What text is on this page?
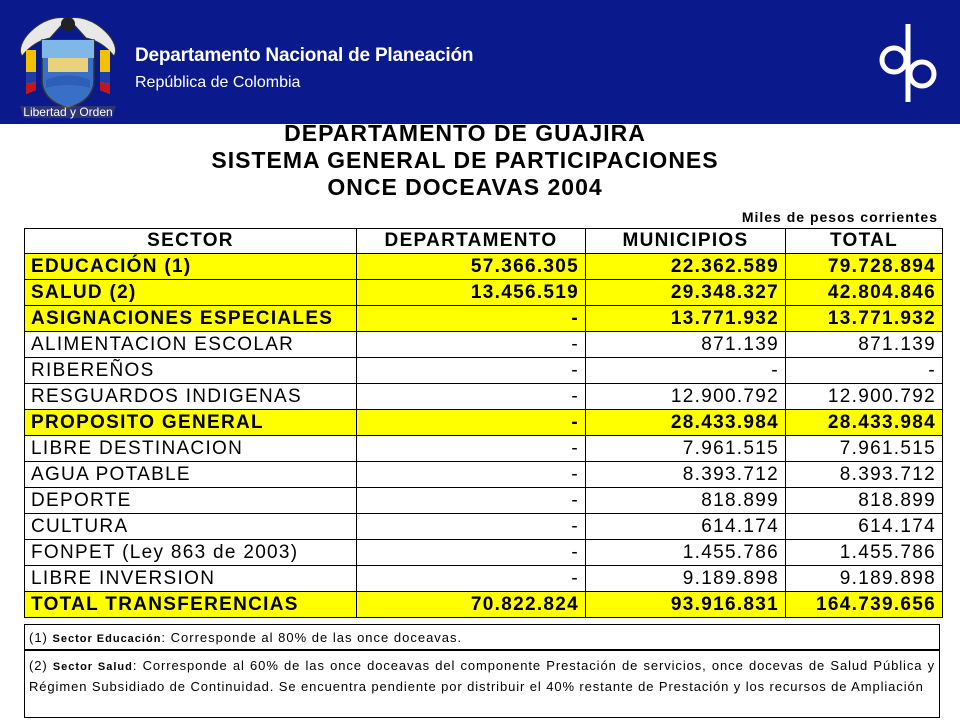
Libertad y Orden
Departamento Nacional de Planeación
República de Colombia
DEPARTAMENTO DE GUAJIRA
SISTEMA GENERAL DE PARTICIPACIONES
ONCE DOCEAVAS 2004
Miles de pesos corrientes
SECTOR	DEPARTAMENTO	MUNICIPIOS	TOTAL
EDUCACIÓN (1)	57.366.305	22.362.589	79.728.894
SALUD (2)	13.456.519	29.348.327	42.804.846
ASIGNACIONES ESPECIALES	-	13.771.932	13.771.932
ALIMENTACION ESCOLAR	-	871.139	871.139
RIBEREÑOS	-	-	-
RESGUARDOS INDIGENAS	-	12.900.792	12.900.792
PROPOSITO GENERAL	-	28.433.984	28.433.984
LIBRE DESTINACION	-	7.961.515	7.961.515
AGUA POTABLE	-	8.393.712	8.393.712
DEPORTE	-	818.899	818.899
CULTURA	-	614.174	614.174
FONPET (Ley 863 de 2003)	-	1.455.786	1.455.786
LIBRE INVERSION	-	9.189.898	9.189.898
TOTAL TRANSFERENCIAS	70.822.824	93.916.831	164.739.656
(1) Sector Educación: Corresponde al 80% de las once doceavas.
(2) Sector Salud: Corresponde al 60% de las once doceavas del componente Prestación de servicios, once docevas de Salud Pública y Régimen Subsidiado de Continuidad. Se encuentra pendiente por distribuir el 40% restante de Prestación y los recursos de Ampliación
